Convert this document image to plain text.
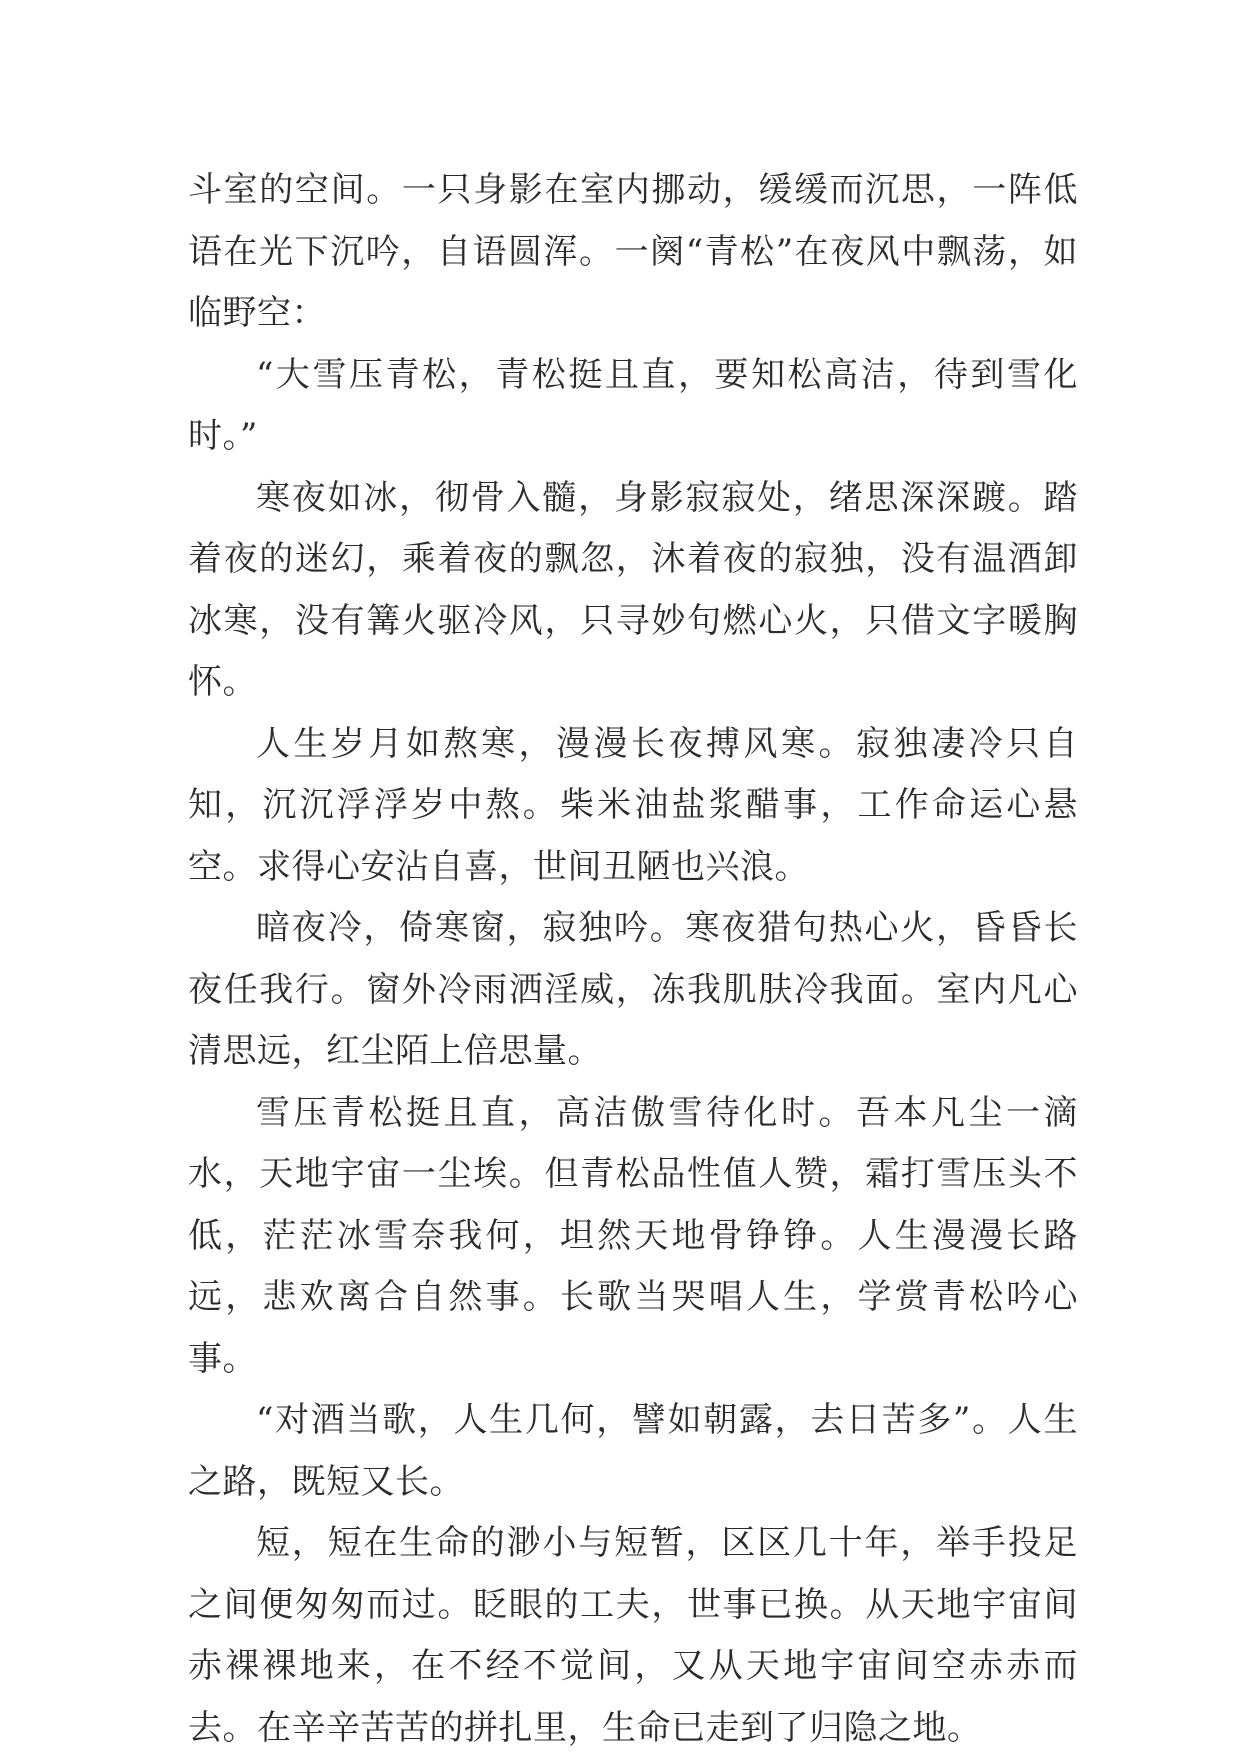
斗室的空间。一只身影在室内挪动，缓缓而沉思，一阵低语在光下沉吟，自语圆浑。一阕“青松”在夜风中飘荡，如临野空：

“大雪压青松，青松挺且直，要知松高洁，待到雪化时。”

寒夜如冰，彻骨入髓，身影寂寂处，绪思深深踱。踏着夜的迷幻，乘着夜的飘忽，沐着夜的寂独，没有温酒卸冰寒，没有篝火驱冷风，只寻妙句燃心火，只借文字暖胸怀。

人生岁月如熬寒，漫漫长夜搏风寒。寂独凄冷只自知，沉沉浮浮岁中熬。柴米油盐浆醋事，工作命运心悬空。求得心安沾自喜，世间丑陋也兴浪。

暗夜冷，倚寒窗，寂独吟。寒夜猎句热心火，昏昏长夜任我行。窗外冷雨洒淫威，冻我肌肤冷我面。室内凡心清思远，红尘陌上倍思量。

雪压青松挺且直，高洁傲雪待化时。吾本凡尘一滴水，天地宇宙一尘埃。但青松品性值人赞，霜打雪压头不低，茫茫冰雪奈我何，坦然天地骨铮铮。人生漫漫长路远，悲欢离合自然事。长歌当哭唱人生，学赏青松吟心事。

“对酒当歌，人生几何，譬如朝露，去日苦多”。人生之路，既短又长。

短，短在生命的渺小与短暂，区区几十年，举手投足之间便匆匆而过。眨眼的工夫，世事已换。从天地宇宙间赤裸裸地来，在不经不觉间，又从天地宇宙间空赤赤而去。在辛辛苦苦的拼扎里，生命已走到了归隐之地。
